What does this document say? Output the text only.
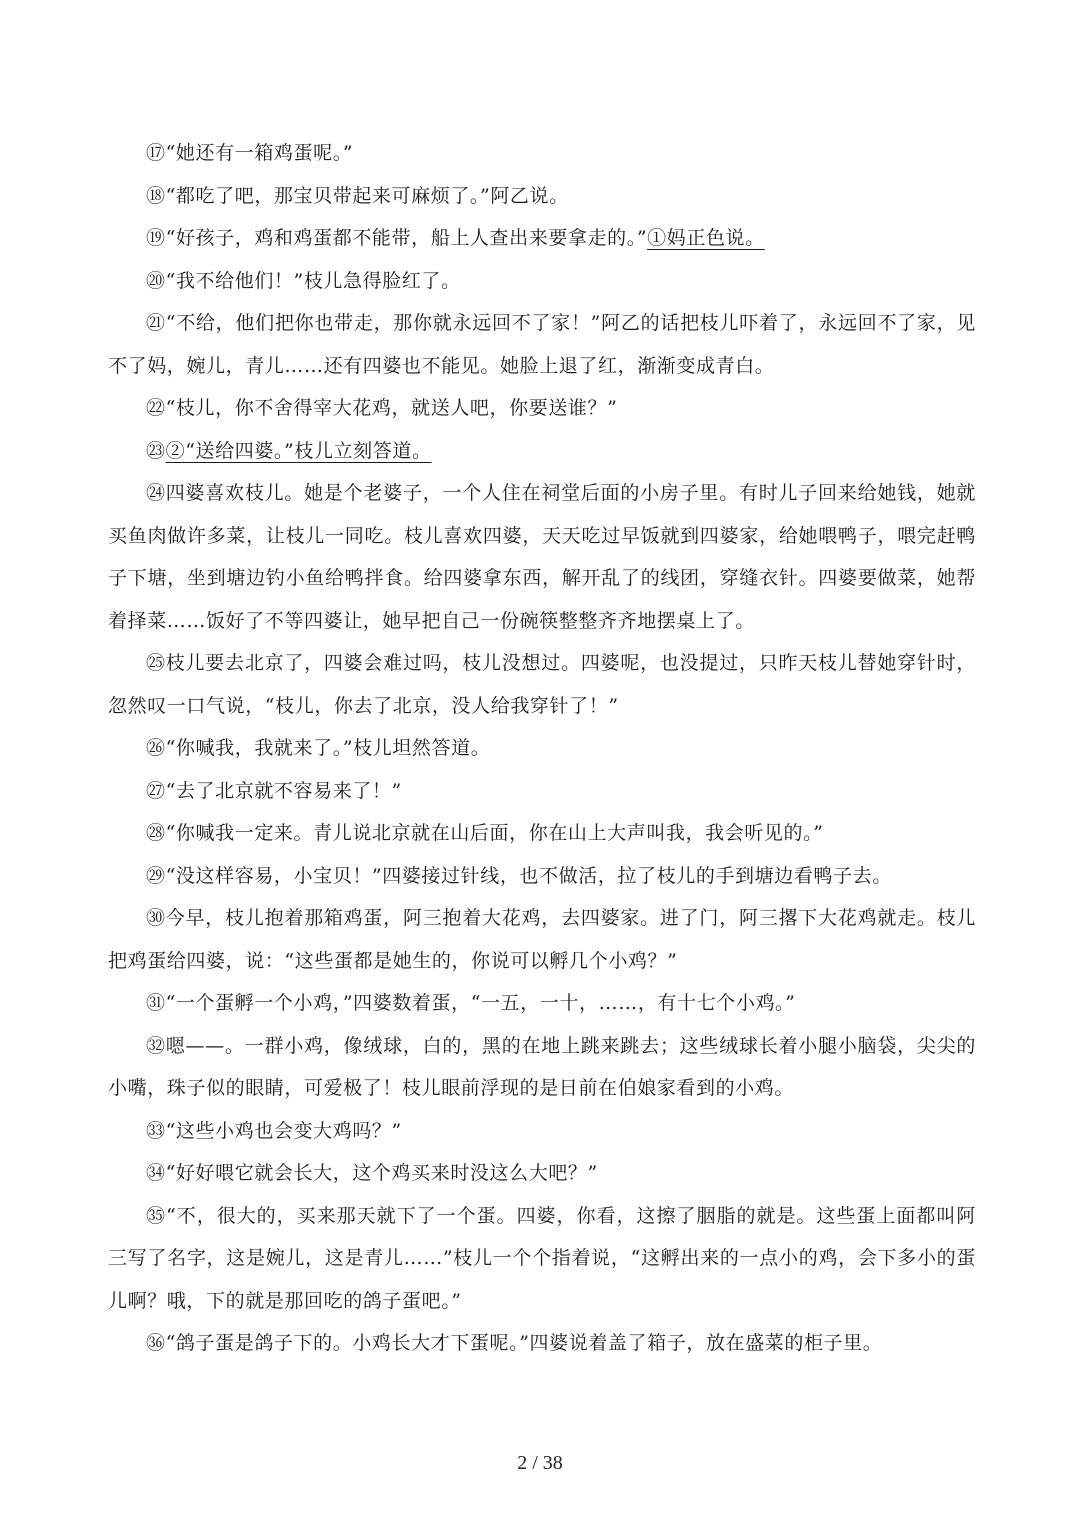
⑰“她还有一箱鸡蛋呢。”

⑱“都吃了吧，那宝贝带起来可麻烦了。”阿乙说。

⑲“好孩子，鸡和鸡蛋都不能带，船上人查出来要拿走的。”①妈正色说。

⑳“我不给他们！”枝儿急得脸红了。

㉑“不给，他们把你也带走，那你就永远回不了家！”阿乙的话把枝儿吓着了，永远回不了家，见不了妈，婉儿，青儿……还有四婆也不能见。她脸上退了红，渐渐变成青白。

㉒“枝儿，你不舍得宰大花鸡，就送人吧，你要送谁？”

㉓②“送给四婆。”枝儿立刻答道。

㉔四婆喜欢枝儿。她是个老婆子，一个人住在祠堂后面的小房子里。有时儿子回来给她钱，她就买鱼肉做许多菜，让枝儿一同吃。枝儿喜欢四婆，天天吃过早饭就到四婆家，给她喂鸭子，喂完赶鸭子下塘，坐到塘边钓小鱼给鸭拌食。给四婆拿东西，解开乱了的线团，穿缝衣针。四婆要做菜，她帮着择菜……饭好了不等四婆让，她早把自己一份碗筷整整齐齐地摆桌上了。

㉕枝儿要去北京了，四婆会难过吗，枝儿没想过。四婆呢，也没提过，只昨天枝儿替她穿针时，忽然叹一口气说，“枝儿，你去了北京，没人给我穿针了！”

㉖“你喊我，我就来了。”枝儿坦然答道。

㉗“去了北京就不容易来了！”

㉘“你喊我一定来。青儿说北京就在山后面，你在山上大声叫我，我会听见的。”

㉙“没这样容易，小宝贝！”四婆接过针线，也不做活，拉了枝儿的手到塘边看鸭子去。

㉚今早，枝儿抱着那箱鸡蛋，阿三抱着大花鸡，去四婆家。进了门，阿三撂下大花鸡就走。枝儿把鸡蛋给四婆，说：“这些蛋都是她生的，你说可以孵几个小鸡？”

㉛“一个蛋孵一个小鸡，”四婆数着蛋，“一五，一十，……，有十七个小鸡。”

㉜嗯——。一群小鸡，像绒球，白的，黑的在地上跳来跳去；这些绒球长着小腿小脑袋，尖尖的小嘴，珠子似的眼睛，可爱极了！枝儿眼前浮现的是日前在伯娘家看到的小鸡。

㉝“这些小鸡也会变大鸡吗？”

㉞“好好喂它就会长大，这个鸡买来时没这么大吧？”

㉟“不，很大的，买来那天就下了一个蛋。四婆，你看，这擦了胭脂的就是。这些蛋上面都叫阿三写了名字，这是婉儿，这是青儿……”枝儿一个个指着说，“这孵出来的一点小的鸡，会下多小的蛋儿啊？哦，下的就是那回吃的鸽子蛋吧。”

㊱“鸽子蛋是鸽子下的。小鸡长大才下蛋呢。”四婆说着盖了箱子，放在盛菜的柜子里。

2 / 38
